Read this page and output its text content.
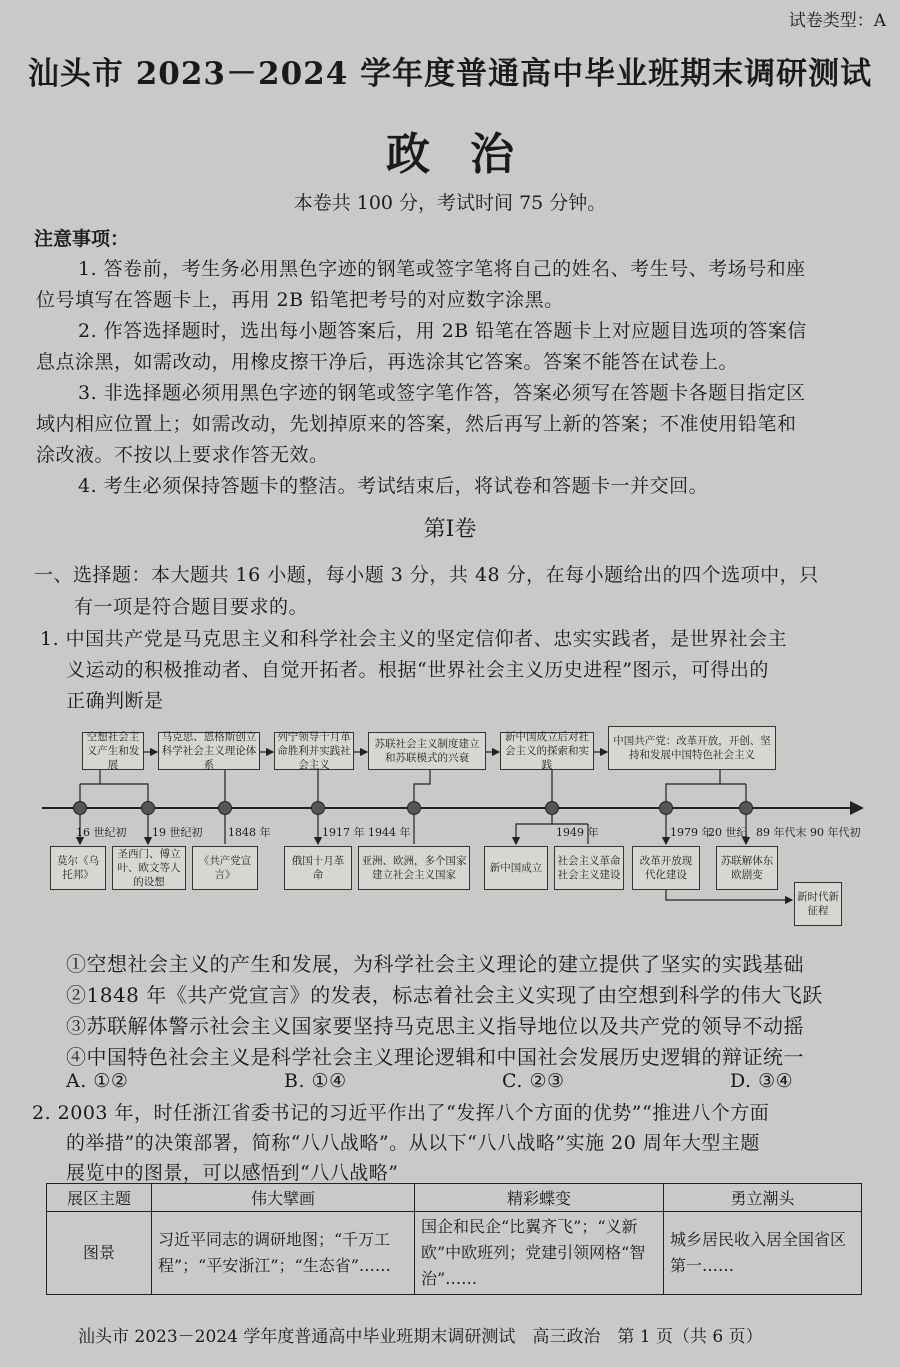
试卷类型：A
汕头市 2023－2024 学年度普通高中毕业班期末调研测试
政治
本卷共 100 分，考试时间 75 分钟。
注意事项：
1. 答卷前，考生务必用黑色字迹的钢笔或签字笔将自己的姓名、考生号、考场号和座
位号填写在答题卡上，再用 2B 铅笔把考号的对应数字涂黑。
2. 作答选择题时，选出每小题答案后，用 2B 铅笔在答题卡上对应题目选项的答案信
息点涂黑，如需改动，用橡皮擦干净后，再选涂其它答案。答案不能答在试卷上。
3. 非选择题必须用黑色字迹的钢笔或签字笔作答，答案必须写在答题卡各题目指定区
域内相应位置上；如需改动，先划掉原来的答案，然后再写上新的答案；不准使用铅笔和
涂改液。不按以上要求作答无效。
4. 考生必须保持答题卡的整洁。考试结束后，将试卷和答题卡一并交回。
第Ⅰ卷
一、选择题：本大题共 16 小题，每小题 3 分，共 48 分，在每小题给出的四个选项中，只
有一项是符合题目要求的。
1. 中国共产党是马克思主义和科学社会主义的坚定信仰者、忠实实践者，是世界社会主
义运动的积极推动者、自觉开拓者。根据“世界社会主义历史进程”图示，可得出的
正确判断是
空想社会主义产生和发展
马克思、恩格斯创立科学社会主义理论体系
列宁领导十月革命胜利并实践社会主义
苏联社会主义制度建立和苏联模式的兴衰
新中国成立后对社会主义的探索和实践
中国共产党：改革开放，开创、坚持和发展中国特色社会主义
16 世纪初 19 世纪初 1848 年	1917 年 1944 年	1949 年	1979 年
20 世纪 89 年代末 90 年代初
莫尔《乌托邦》
圣西门、傅立叶、欧文等人的设想
《共产党宣言》
俄国十月革命
亚洲、欧洲，多个国家建立社会主义国家
新中国成立
社会主义革命社会主义建设
改革开放现代化建设
苏联解体东欧剧变
新时代新征程
①空想社会主义的产生和发展，为科学社会主义理论的建立提供了坚实的实践基础
②1848 年《共产党宣言》的发表，标志着社会主义实现了由空想到科学的伟大飞跃
③苏联解体警示社会主义国家要坚持马克思主义指导地位以及共产党的领导不动摇
④中国特色社会主义是科学社会主义理论逻辑和中国社会发展历史逻辑的辩证统一
A. ①②	B. ①④	C. ②③	D. ③④
2. 2003 年，时任浙江省委书记的习近平作出了“发挥八个方面的优势”“推进八个方面
的举措”的决策部署，简称“八八战略”。从以下“八八战略”实施 20 周年大型主题
展览中的图景，可以感悟到“八八战略”
展区主题	伟大擘画	精彩蝶变	勇立潮头
图景	习近平同志的调研地图；“千万工程”；“平安浙江”；“生态省”……	国企和民企“比翼齐飞”；“义新欧”中欧班列；党建引领网格“智治”……	城乡居民收入居全国省区第一……
汕头市 2023－2024 学年度普通高中毕业班期末调研测试　高三政治　第 1 页（共 6 页）
